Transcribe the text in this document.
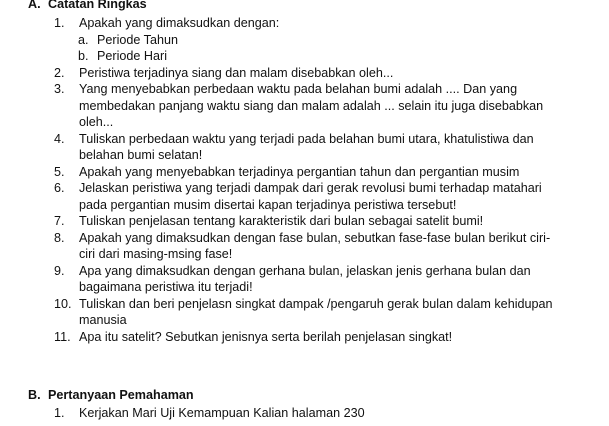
A. Catatan Ringkas
1. Apakah yang dimaksudkan dengan:
a. Periode Tahun
b. Periode Hari
2. Peristiwa terjadinya siang dan malam disebabkan oleh...
3. Yang menyebabkan perbedaan waktu pada belahan bumi adalah .... Dan yang membedakan panjang waktu siang dan malam adalah ... selain itu juga disebabkan oleh...
4. Tuliskan perbedaan waktu yang terjadi pada belahan bumi utara, khatulistiwa dan belahan bumi selatan!
5. Apakah yang menyebabkan terjadinya pergantian tahun dan pergantian musim
6. Jelaskan peristiwa yang terjadi dampak dari gerak revolusi bumi terhadap matahari pada pergantian musim disertai kapan terjadinya peristiwa tersebut!
7. Tuliskan penjelasan tentang karakteristik dari bulan sebagai satelit bumi!
8. Apakah yang dimaksudkan dengan fase bulan, sebutkan fase-fase bulan berikut ciri-ciri dari masing-msing fase!
9. Apa yang dimaksudkan dengan gerhana bulan, jelaskan jenis gerhana bulan dan bagaimana peristiwa itu terjadi!
10. Tuliskan dan beri penjelasn singkat dampak /pengaruh gerak bulan dalam kehidupan manusia
11. Apa itu satelit? Sebutkan jenisnya serta berilah penjelasan singkat!
B. Pertanyaan Pemahaman
1. Kerjakan Mari Uji Kemampuan Kalian halaman 230
